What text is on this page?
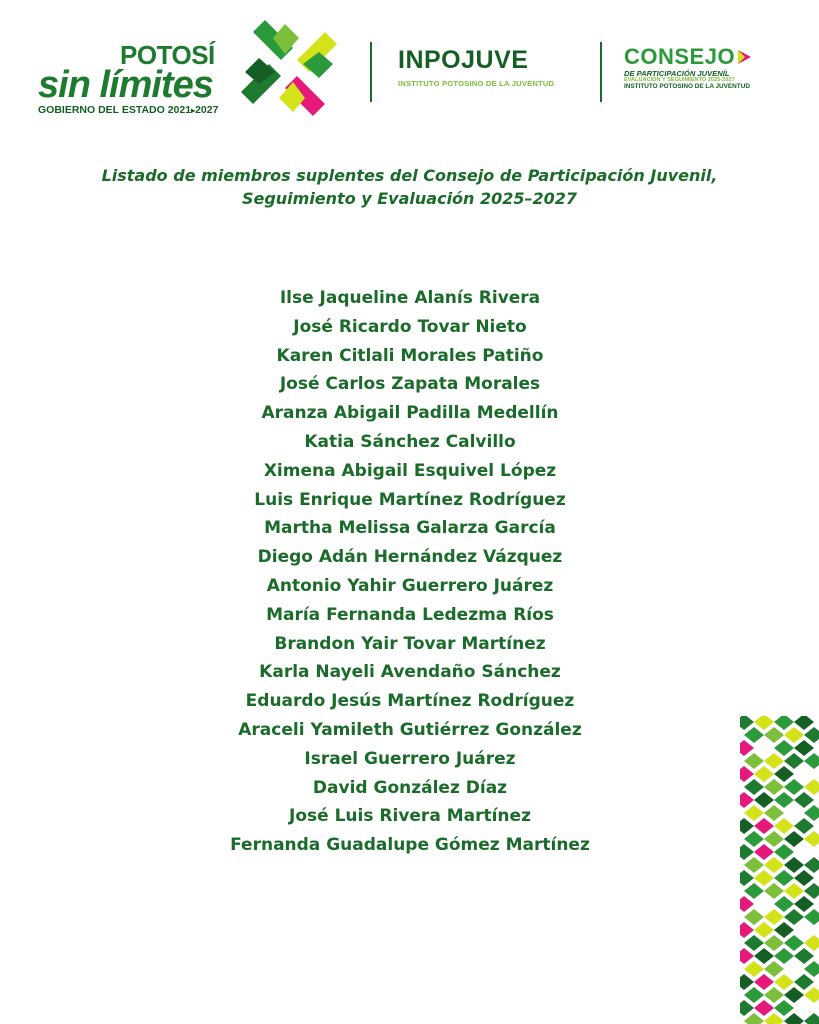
POTOSÍ
sin límites
GOBIERNO DEL ESTADO 2021▸2027
INPOJUVE
INSTITUTO POTOSINO DE LA JUVENTUD
CONSEJO
DE PARTICIPACIÓN JUVENÍL
EVALUACIÓN Y SEGUIMIENTO 2025-2027
INSTITUTO POTOSINO DE LA JUVENTUD
Listado de miembros suplentes del Consejo de Participación Juvenil,
Seguimiento y Evaluación 2025–2027
Ilse Jaqueline Alanís Rivera
José Ricardo Tovar Nieto
Karen Citlali Morales Patiño
José Carlos Zapata Morales
Aranza Abigail Padilla Medellín
Katia Sánchez Calvillo
Ximena Abigail Esquivel López
Luis Enrique Martínez Rodríguez
Martha Melissa Galarza García
Diego Adán Hernández Vázquez
Antonio Yahir Guerrero Juárez
María Fernanda Ledezma Ríos
Brandon Yair Tovar Martínez
Karla Nayeli Avendaño Sánchez
Eduardo Jesús Martínez Rodríguez
Araceli Yamileth Gutiérrez González
Israel Guerrero Juárez
David González Díaz
José Luis Rivera Martínez
Fernanda Guadalupe Gómez Martínez
